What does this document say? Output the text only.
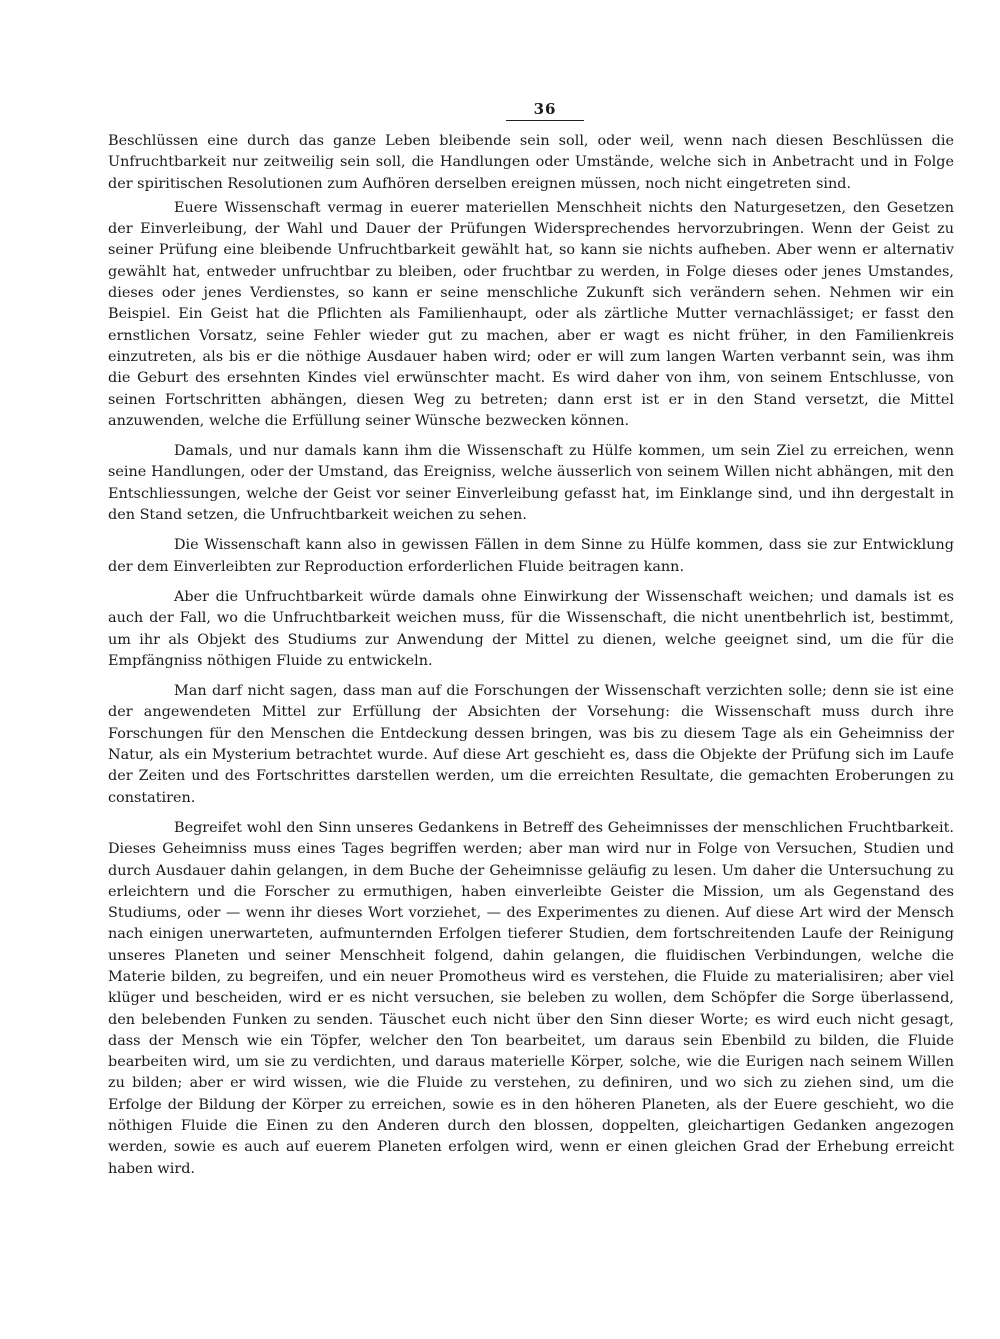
36

Beschlüssen eine durch das ganze Leben bleibende sein soll, oder weil, wenn nach diesen Beschlüssen die Unfruchtbarkeit nur zeitweilig sein soll, die Handlungen oder Umstände, welche sich in Anbetracht und in Folge der spiritischen Resolutionen zum Aufhören derselben ereignen müssen, noch nicht eingetreten sind.

Euere Wissenschaft vermag in euerer materiellen Menschheit nichts den Naturgesetzen, den Gesetzen der Einverleibung, der Wahl und Dauer der Prüfungen Widersprechendes hervorzubringen. Wenn der Geist zu seiner Prüfung eine bleibende Unfruchtbarkeit gewählt hat, so kann sie nichts aufheben. Aber wenn er alternativ gewählt hat, entweder unfruchtbar zu bleiben, oder fruchtbar zu werden, in Folge dieses oder jenes Umstandes, dieses oder jenes Verdienstes, so kann er seine menschliche Zukunft sich verändern sehen. Nehmen wir ein Beispiel. Ein Geist hat die Pflichten als Familienhaupt, oder als zärtliche Mutter vernachlässiget; er fasst den ernstlichen Vorsatz, seine Fehler wieder gut zu machen, aber er wagt es nicht früher, in den Familienkreis einzutreten, als bis er die nöthige Ausdauer haben wird; oder er will zum langen Warten verbannt sein, was ihm die Geburt des ersehnten Kindes viel erwünschter macht. Es wird daher von ihm, von seinem Entschlusse, von seinen Fortschritten abhängen, diesen Weg zu betreten; dann erst ist er in den Stand versetzt, die Mittel anzuwenden, welche die Erfüllung seiner Wünsche bezwecken können.

Damals, und nur damals kann ihm die Wissenschaft zu Hülfe kommen, um sein Ziel zu erreichen, wenn seine Handlungen, oder der Umstand, das Ereigniss, welche äusserlich von seinem Willen nicht abhängen, mit den Entschliessungen, welche der Geist vor seiner Einverleibung gefasst hat, im Einklange sind, und ihn dergestalt in den Stand setzen, die Unfruchtbarkeit weichen zu sehen.

Die Wissenschaft kann also in gewissen Fällen in dem Sinne zu Hülfe kommen, dass sie zur Entwicklung der dem Einverleibten zur Reproduction erforderlichen Fluide beitragen kann.

Aber die Unfruchtbarkeit würde damals ohne Einwirkung der Wissenschaft weichen; und damals ist es auch der Fall, wo die Unfruchtbarkeit weichen muss, für die Wissenschaft, die nicht unentbehrlich ist, bestimmt, um ihr als Objekt des Studiums zur Anwendung der Mittel zu dienen, welche geeignet sind, um die für die Empfängniss nöthigen Fluide zu entwickeln.

Man darf nicht sagen, dass man auf die Forschungen der Wissenschaft verzichten solle; denn sie ist eine der angewendeten Mittel zur Erfüllung der Absichten der Vorsehung: die Wissenschaft muss durch ihre Forschungen für den Menschen die Entdeckung dessen bringen, was bis zu diesem Tage als ein Geheimniss der Natur, als ein Mysterium betrachtet wurde. Auf diese Art geschieht es, dass die Objekte der Prüfung sich im Laufe der Zeiten und des Fortschrittes darstellen werden, um die erreichten Resultate, die gemachten Eroberungen zu constatiren.

Begreifet wohl den Sinn unseres Gedankens in Betreff des Geheimnisses der menschlichen Fruchtbarkeit. Dieses Geheimniss muss eines Tages begriffen werden; aber man wird nur in Folge von Versuchen, Studien und durch Ausdauer dahin gelangen, in dem Buche der Geheimnisse geläufig zu lesen. Um daher die Untersuchung zu erleichtern und die Forscher zu ermuthigen, haben einverleibte Geister die Mission, um als Gegenstand des Studiums, oder — wenn ihr dieses Wort vorziehet, — des Experimentes zu dienen. Auf diese Art wird der Mensch nach einigen unerwarteten, aufmunternden Erfolgen tieferer Studien, dem fortschreitenden Laufe der Reinigung unseres Planeten und seiner Menschheit folgend, dahin gelangen, die fluidischen Verbindungen, welche die Materie bilden, zu begreifen, und ein neuer Promotheus wird es verstehen, die Fluide zu materialisiren; aber viel klüger und bescheiden, wird er es nicht versuchen, sie beleben zu wollen, dem Schöpfer die Sorge überlassend, den belebenden Funken zu senden. Täuschet euch nicht über den Sinn dieser Worte; es wird euch nicht gesagt, dass der Mensch wie ein Töpfer, welcher den Ton bearbeitet, um daraus sein Ebenbild zu bilden, die Fluide bearbeiten wird, um sie zu verdichten, und daraus materielle Körper, solche, wie die Eurigen nach seinem Willen zu bilden; aber er wird wissen, wie die Fluide zu verstehen, zu definiren, und wo sich zu ziehen sind, um die Erfolge der Bildung der Körper zu erreichen, sowie es in den höheren Planeten, als der Euere geschieht, wo die nöthigen Fluide die Einen zu den Anderen durch den blossen, doppelten, gleichartigen Gedanken angezogen werden, sowie es auch auf euerem Planeten erfolgen wird, wenn er einen gleichen Grad der Erhebung erreicht haben wird.
